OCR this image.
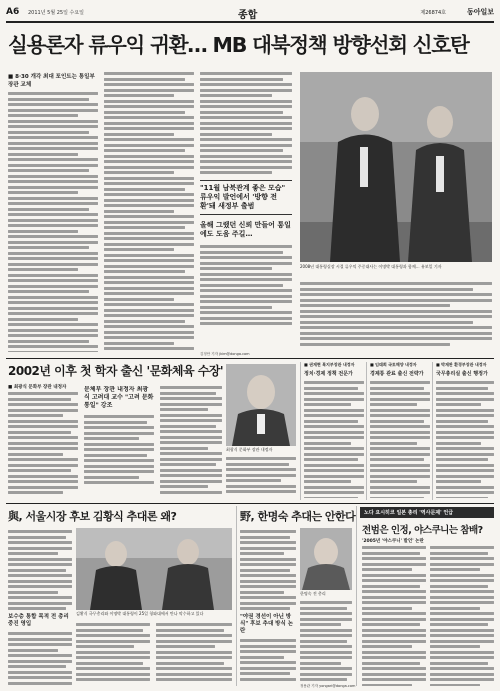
A6 2011년 5월 25일 수요일	종합	제26874호	동아일보
실용론자 류우익 귀환… MB 대북정책 방향선회 신호탄
■ 8·30 개각 최대 포인트는 통일부 장관 교체
"11월 남북관계 좋은 모습" 류우익 발언에서 '방향 전환'돼 새정부 출범
올해 그랬던 신뢰 만들어 통일에도 도움 주길…
2008년 대통령실장 시절 류우익 주중대사는 이명박 대통령과 함께… 유보일 기자
김정안 기자 jkim@donga.com
2002년 이후 첫 학자 출신 '문화체육 수장'
■ 최광식 문화부 장관 내정자	문체부 장관 내정자 최광식 고려대 교수 "고려 문화 통일" 강조
최광식 문화부 장관 내정자
■ 권재현 복지부장관 내정자
정치·경제 정책 전문가
■ 임태희 국토해양 내정자
경제통 관료 출신 전략가
■ 박재완 환경부장관 내정자
국무총리실 출신 행정가
與, 서울시장 후보 김황식 추대론 왜?
보수층 통합 목적 전 총리 중진 영입
김황식 국무총리와 이명박 대통령이 25일 청와대에서 만나 악수하고 있다
野, 한명숙 추대는 안한다
"야권 경선이 아닌 방식" 후보 추대 방식 논란
한명숙 전 총리
정용관 기자 yongari@donga.com
노다 요시히코 일본 총리 '역사문제' 언급
전범은 인정, 야스쿠니는 참배?
'2005년 '야스쿠니' 발언' 논란
